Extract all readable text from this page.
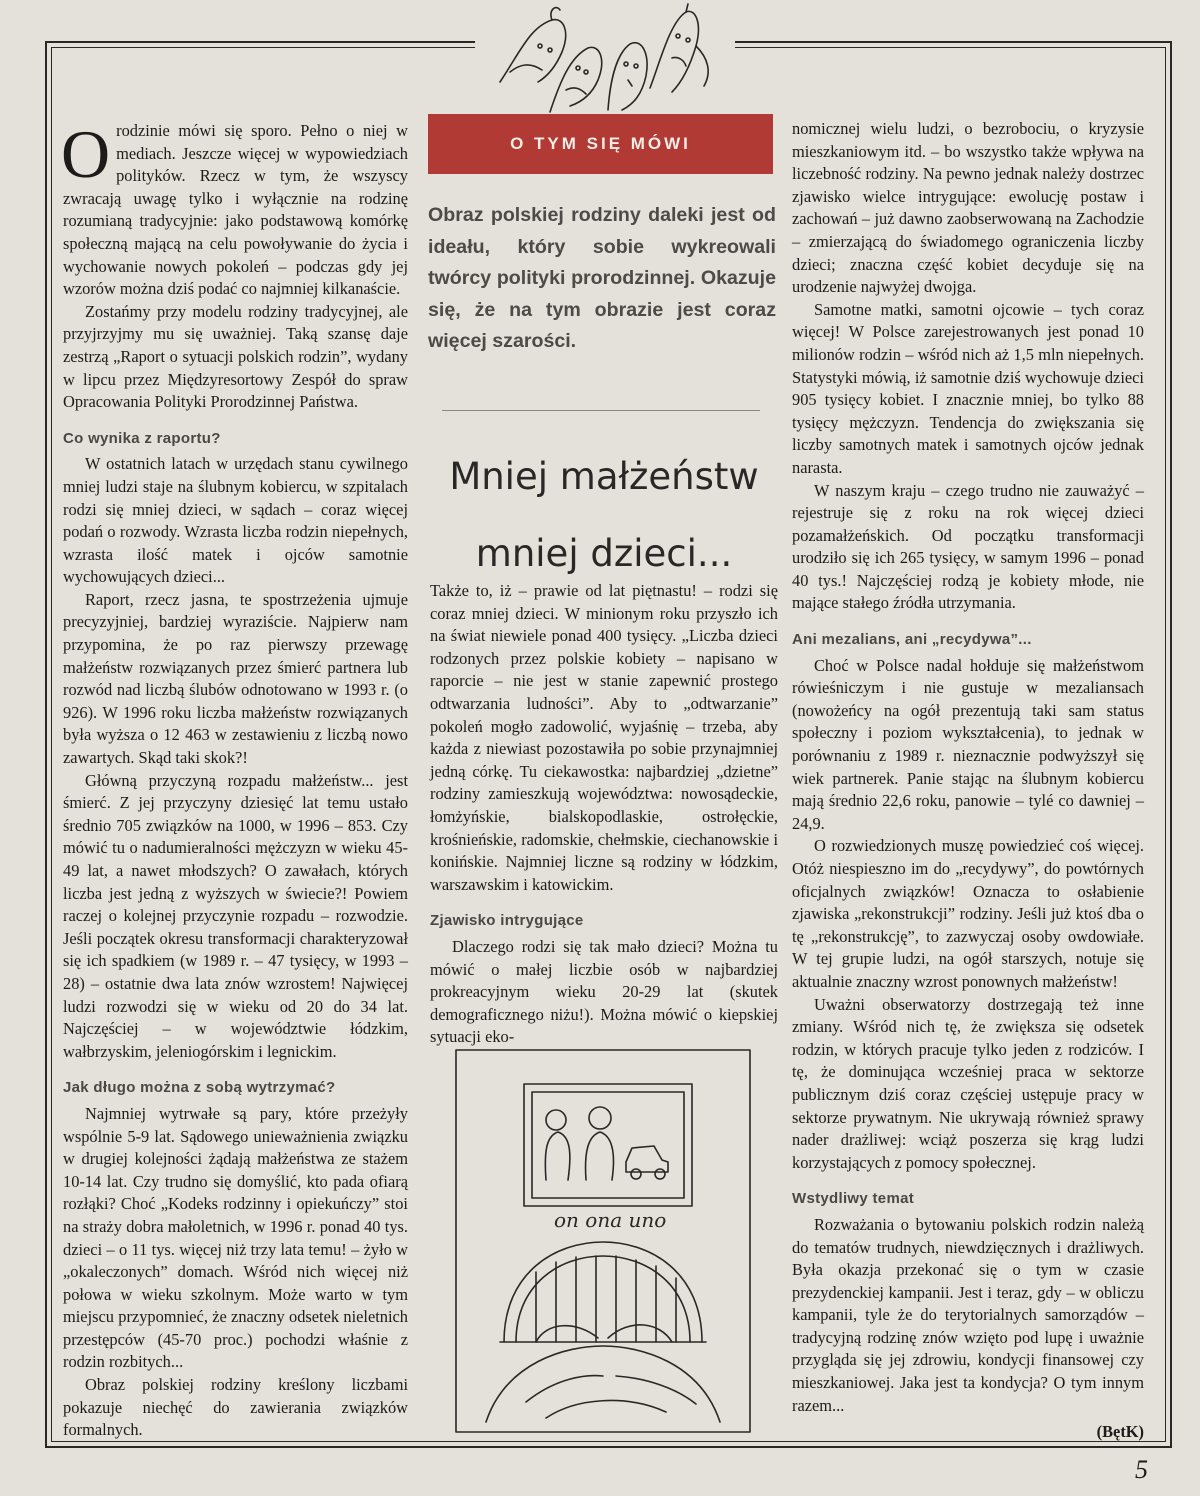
Orodzinie mówi się sporo. Pełno o niej w mediach. Jeszcze więcej w wypowiedziach polityków. Rzecz w tym, że wszyscy zwracają uwagę tylko i wyłącznie na rodzinę rozumianą tradycyjnie: jako podstawową komórkę społeczną mającą na celu powoływanie do życia i wychowanie nowych pokoleń – podczas gdy jej wzorów można dziś podać co najmniej kilkanaście.

Zostańmy przy modelu rodziny tradycyjnej, ale przyjrzyjmy mu się uważniej. Taką szansę daje zestrzą „Raport o sytuacji polskich rodzin”, wydany w lipcu przez Międzyresortowy Zespół do spraw Opracowania Polityki Prorodzinnej Państwa.

Co wynika z raportu?

W ostatnich latach w urzędach stanu cywilnego mniej ludzi staje na ślubnym kobiercu, w szpitalach rodzi się mniej dzieci, w sądach – coraz więcej podań o rozwody. Wzrasta liczba rodzin niepełnych, wzrasta ilość matek i ojców samotnie wychowujących dzieci...

Raport, rzecz jasna, te spostrzeżenia ujmuje precyzyjniej, bardziej wyraziście. Najpierw nam przypomina, że po raz pierwszy przewagę małżeństw rozwiązanych przez śmierć partnera lub rozwód nad liczbą ślubów odnotowano w 1993 r. (o 926). W 1996 roku liczba małżeństw rozwiązanych była wyższa o 12 463 w zestawieniu z liczbą nowo zawartych. Skąd taki skok?!

Główną przyczyną rozpadu małżeństw... jest śmierć. Z jej przyczyny dziesięć lat temu ustało średnio 705 związków na 1000, w 1996 – 853. Czy mówić tu o nadumieralności mężczyzn w wieku 45-49 lat, a nawet młodszych? O zawałach, których liczba jest jedną z wyższych w świecie?! Powiem raczej o kolejnej przyczynie rozpadu – rozwodzie. Jeśli początek okresu transformacji charakteryzował się ich spadkiem (w 1989 r. – 47 tysięcy, w 1993 – 28) – ostatnie dwa lata znów wzrostem! Najwięcej ludzi rozwodzi się w wieku od 20 do 34 lat. Najczęściej – w województwie łódzkim, wałbrzyskim, jeleniogórskim i legnickim.

Jak długo można z sobą wytrzymać?

Najmniej wytrwałe są pary, które przeżyły wspólnie 5-9 lat. Sądowego unieważnienia związku w drugiej kolejności żądają małżeństwa ze stażem 10-14 lat. Czy trudno się domyślić, kto pada ofiarą rozłąki? Choć „Kodeks rodzinny i opiekuńczy” stoi na straży dobra małoletnich, w 1996 r. ponad 40 tys. dzieci – o 11 tys. więcej niż trzy lata temu! – żyło w „okaleczonych” domach. Wśród nich więcej niż połowa w wieku szkolnym. Może warto w tym miejscu przypomnieć, że znaczny odsetek nieletnich przestępców (45-70 proc.) pochodzi właśnie z rodzin rozbitych...

Obraz polskiej rodziny kreślony liczbami pokazuje niechęć do zawierania związków formalnych.

O TYM SIĘ MÓWI
Obraz polskiej rodziny daleki jest od ideału, który sobie wykreowali twórcy polityki prorodzinnej. Okazuje się, że na tym obrazie jest coraz więcej szarości.
Mniej małżeństw
mniej dzieci...

Także to, iż – prawie od lat piętnastu! – rodzi się coraz mniej dzieci. W minionym roku przyszło ich na świat niewiele ponad 400 tysięcy. „Liczba dzieci rodzonych przez polskie kobiety – napisano w raporcie – nie jest w stanie zapewnić prostego odtwarzania ludności”. Aby to „odtwarzanie” pokoleń mogło zadowolić, wyjaśnię – trzeba, aby każda z niewiast pozostawiła po sobie przynajmniej jedną córkę. Tu ciekawostka: najbardziej „dzietne” rodziny zamieszkują województwa: nowosądeckie, łomżyńskie, bialskopodlaskie, ostrołęckie, krośnieńskie, radomskie, chełmskie, ciechanowskie i konińskie. Najmniej liczne są rodziny w łódzkim, warszawskim i katowickim.

Zjawisko intrygujące

Dlaczego rodzi się tak mało dzieci? Można tu mówić o małej liczbie osób w najbardziej prokreacyjnym wieku 20-29 lat (skutek demograficznego niżu!). Można mówić o kiepskiej sytuacji eko-

on ona uno

nomicznej wielu ludzi, o bezrobociu, o kryzysie mieszkaniowym itd. – bo wszystko także wpływa na liczebność rodziny. Na pewno jednak należy dostrzec zjawisko wielce intrygujące: ewolucję postaw i zachowań – już dawno zaobserwowaną na Zachodzie – zmierzającą do świadomego ograniczenia liczby dzieci; znaczna część kobiet decyduje się na urodzenie najwyżej dwojga.

Samotne matki, samotni ojcowie – tych coraz więcej! W Polsce zarejestrowanych jest ponad 10 milionów rodzin – wśród nich aż 1,5 mln niepełnych. Statystyki mówią, iż samotnie dziś wychowuje dzieci 905 tysięcy kobiet. I znacznie mniej, bo tylko 88 tysięcy mężczyzn. Tendencja do zwiększania się liczby samotnych matek i samotnych ojców jednak narasta.

W naszym kraju – czego trudno nie zauważyć – rejestruje się z roku na rok więcej dzieci pozamałżeńskich. Od początku transformacji urodziło się ich 265 tysięcy, w samym 1996 – ponad 40 tys.! Najczęściej rodzą je kobiety młode, nie mające stałego źródła utrzymania.

Ani mezalians, ani „recydywa”...

Choć w Polsce nadal hołduje się małżeństwom rówieśniczym i nie gustuje w mezaliansach (nowożeńcy na ogół prezentują taki sam status społeczny i poziom wykształcenia), to jednak w porównaniu z 1989 r. nieznacznie podwyższył się wiek partnerek. Panie stając na ślubnym kobiercu mają średnio 22,6 roku, panowie – tylé co dawniej – 24,9.

O rozwiedzionych muszę powiedzieć coś więcej. Otóż niespieszno im do „recydywy”, do powtórnych oficjalnych związków! Oznacza to osłabienie zjawiska „rekonstrukcji” rodziny. Jeśli już ktoś dba o tę „rekonstrukcję”, to zazwyczaj osoby owdowiałe. W tej grupie ludzi, na ogół starszych, notuje się aktualnie znaczny wzrost ponownych małżeństw!

Uważni obserwatorzy dostrzegają też inne zmiany. Wśród nich tę, że zwiększa się odsetek rodzin, w których pracuje tylko jeden z rodziców. I tę, że dominująca wcześniej praca w sektorze publicznym dziś coraz częściej ustępuje pracy w sektorze prywatnym. Nie ukrywają również sprawy nader drażliwej: wciąż poszerza się krąg ludzi korzystających z pomocy społecznej.

Wstydliwy temat

Rozważania o bytowaniu polskich rodzin należą do tematów trudnych, niewdzięcznych i drażliwych. Była okazja przekonać się o tym w czasie prezydenckiej kampanii. Jest i teraz, gdy – w obliczu kampanii, tyle że do terytorialnych samorządów – tradycyjną rodzinę znów wzięto pod lupę i uważnie przygląda się jej zdrowiu, kondycji finansowej czy mieszkaniowej. Jaka jest ta kondycja? O tym innym razem...

(BętK)
5
